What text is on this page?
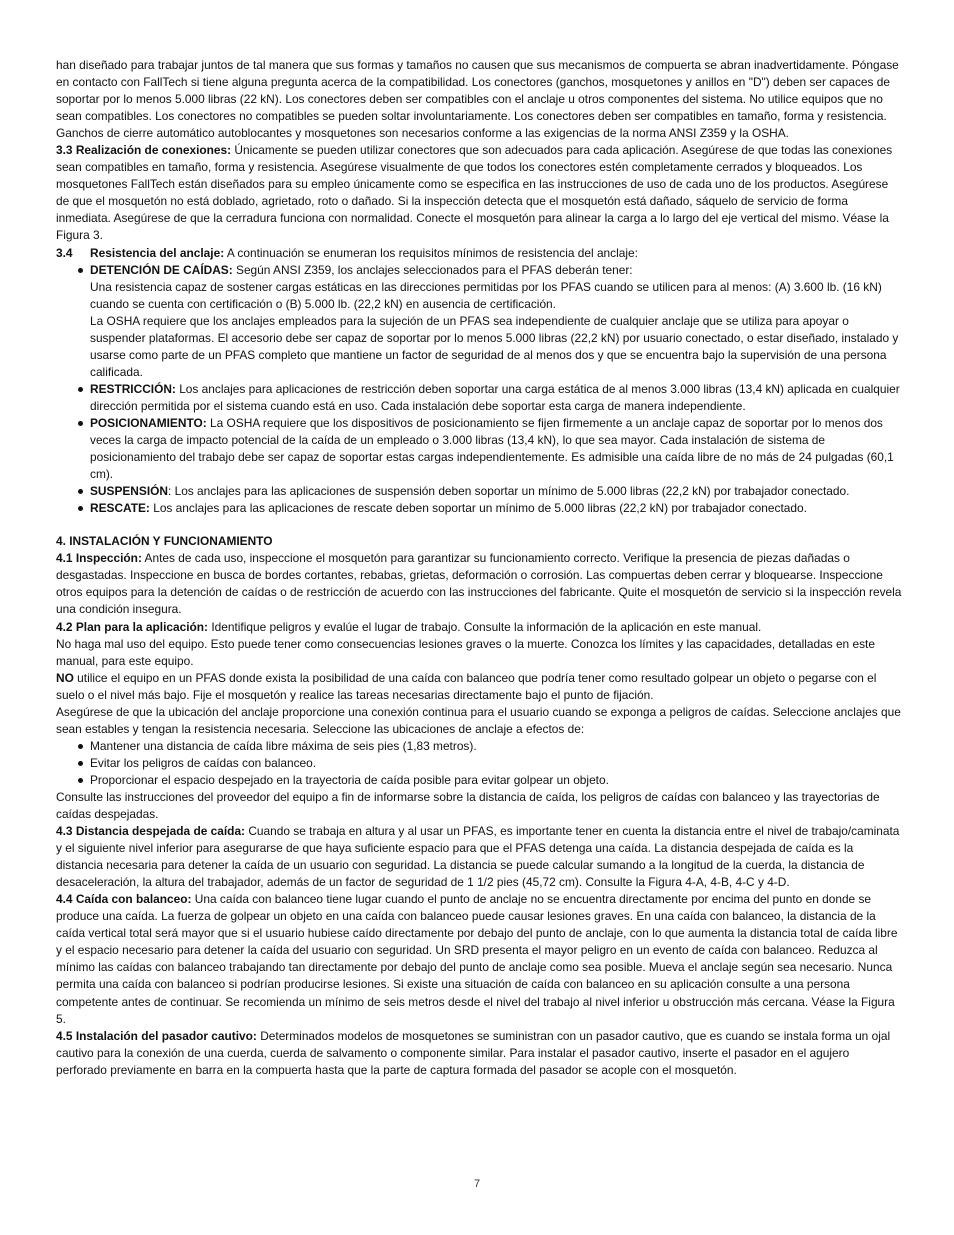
han diseñado para trabajar juntos de tal manera que sus formas y tamaños no causen que sus mecanismos de compuerta se abran inadvertidamente. Póngase en contacto con FallTech si tiene alguna pregunta acerca de la compatibilidad. Los conectores (ganchos, mosquetones y anillos en "D") deben ser capaces de soportar por lo menos 5.000 libras (22 kN). Los conectores deben ser compatibles con el anclaje u otros componentes del sistema. No utilice equipos que no sean compatibles. Los conectores no compatibles se pueden soltar involuntariamente. Los conectores deben ser compatibles en tamaño, forma y resistencia. Ganchos de cierre automático autoblocantes y mosquetones son necesarios conforme a las exigencias de la norma ANSI Z359 y la OSHA.

3.3 Realización de conexiones: Únicamente se pueden utilizar conectores que son adecuados para cada aplicación. Asegúrese de que todas las conexiones sean compatibles en tamaño, forma y resistencia. Asegúrese visualmente de que todos los conectores estén completamente cerrados y bloqueados. Los mosquetones FallTech están diseñados para su empleo únicamente como se especifica en las instrucciones de uso de cada uno de los productos. Asegúrese de que el mosquetón no está doblado, agrietado, roto o dañado. Si la inspección detecta que el mosquetón está dañado, sáquelo de servicio de forma inmediata. Asegúrese de que la cerradura funciona con normalidad. Conecte el mosquetón para alinear la carga a lo largo del eje vertical del mismo. Véase la Figura 3.

3.4 Resistencia del anclaje: A continuación se enumeran los requisitos mínimos de resistencia del anclaje:

DETENCIÓN DE CAÍDAS: Según ANSI Z359, los anclajes seleccionados para el PFAS deberán tener:
Una resistencia capaz de sostener cargas estáticas en las direcciones permitidas por los PFAS cuando se utilicen para al menos: (A) 3.600 lb. (16 kN) cuando se cuenta con certificación o (B) 5.000 lb. (22,2 kN) en ausencia de certificación.
La OSHA requiere que los anclajes empleados para la sujeción de un PFAS sea independiente de cualquier anclaje que se utiliza para apoyar o suspender plataformas. El accesorio debe ser capaz de soportar por lo menos 5.000 libras (22,2 kN) por usuario conectado, o estar diseñado, instalado y usarse como parte de un PFAS completo que mantiene un factor de seguridad de al menos dos y que se encuentra bajo la supervisión de una persona calificada.
RESTRICCIÓN: Los anclajes para aplicaciones de restricción deben soportar una carga estática de al menos 3.000 libras (13,4 kN) aplicada en cualquier dirección permitida por el sistema cuando está en uso. Cada instalación debe soportar esta carga de manera independiente.
POSICIONAMIENTO: La OSHA requiere que los dispositivos de posicionamiento se fijen firmemente a un anclaje capaz de soportar por lo menos dos veces la carga de impacto potencial de la caída de un empleado o 3.000 libras (13,4 kN), lo que sea mayor. Cada instalación de sistema de posicionamiento del trabajo debe ser capaz de soportar estas cargas independientemente. Es admisible una caída libre de no más de 24 pulgadas (60,1 cm).
SUSPENSIÓN: Los anclajes para las aplicaciones de suspensión deben soportar un mínimo de 5.000 libras (22,2 kN) por trabajador conectado.
RESCATE: Los anclajes para las aplicaciones de rescate deben soportar un mínimo de 5.000 libras (22,2 kN) por trabajador conectado.

4. INSTALACIÓN Y FUNCIONAMIENTO

4.1 Inspección: Antes de cada uso, inspeccione el mosquetón para garantizar su funcionamiento correcto. Verifique la presencia de piezas dañadas o desgastadas. Inspeccione en busca de bordes cortantes, rebabas, grietas, deformación o corrosión. Las compuertas deben cerrar y bloquearse. Inspeccione otros equipos para la detención de caídas o de restricción de acuerdo con las instrucciones del fabricante. Quite el mosquetón de servicio si la inspección revela una condición insegura.

4.2 Plan para la aplicación: Identifique peligros y evalúe el lugar de trabajo. Consulte la información de la aplicación en este manual.

No haga mal uso del equipo. Esto puede tener como consecuencias lesiones graves o la muerte. Conozca los límites y las capacidades, detalladas en este manual, para este equipo.

NO utilice el equipo en un PFAS donde exista la posibilidad de una caída con balanceo que podría tener como resultado golpear un objeto o pegarse con el suelo o el nivel más bajo. Fije el mosquetón y realice las tareas necesarias directamente bajo el punto de fijación.

Asegúrese de que la ubicación del anclaje proporcione una conexión continua para el usuario cuando se exponga a peligros de caídas. Seleccione anclajes que sean estables y tengan la resistencia necesaria. Seleccione las ubicaciones de anclaje a efectos de:

Mantener una distancia de caída libre máxima de seis pies (1,83 metros).
Evitar los peligros de caídas con balanceo.
Proporcionar el espacio despejado en la trayectoria de caída posible para evitar golpear un objeto.

Consulte las instrucciones del proveedor del equipo a fin de informarse sobre la distancia de caída, los peligros de caídas con balanceo y las trayectorias de caídas despejadas.

4.3 Distancia despejada de caída: Cuando se trabaja en altura y al usar un PFAS, es importante tener en cuenta la distancia entre el nivel de trabajo/caminata y el siguiente nivel inferior para asegurarse de que haya suficiente espacio para que el PFAS detenga una caída. La distancia despejada de caída es la distancia necesaria para detener la caída de un usuario con seguridad. La distancia se puede calcular sumando a la longitud de la cuerda, la distancia de desaceleración, la altura del trabajador, además de un factor de seguridad de 1 1/2 pies (45,72 cm). Consulte la Figura 4-A, 4-B, 4-C y 4-D.

4.4 Caída con balanceo: Una caída con balanceo tiene lugar cuando el punto de anclaje no se encuentra directamente por encima del punto en donde se produce una caída. La fuerza de golpear un objeto en una caída con balanceo puede causar lesiones graves. En una caída con balanceo, la distancia de la caída vertical total será mayor que si el usuario hubiese caído directamente por debajo del punto de anclaje, con lo que aumenta la distancia total de caída libre y el espacio necesario para detener la caída del usuario con seguridad. Un SRD presenta el mayor peligro en un evento de caída con balanceo. Reduzca al mínimo las caídas con balanceo trabajando tan directamente por debajo del punto de anclaje como sea posible. Mueva el anclaje según sea necesario. Nunca permita una caída con balanceo si podrían producirse lesiones. Si existe una situación de caída con balanceo en su aplicación consulte a una persona competente antes de continuar. Se recomienda un mínimo de seis metros desde el nivel del trabajo al nivel inferior u obstrucción más cercana. Véase la Figura 5.

4.5 Instalación del pasador cautivo: Determinados modelos de mosquetones se suministran con un pasador cautivo, que es cuando se instala forma un ojal cautivo para la conexión de una cuerda, cuerda de salvamento o componente similar. Para instalar el pasador cautivo, inserte el pasador en el agujero perforado previamente en barra en la compuerta hasta que la parte de captura formada del pasador se acople con el mosquetón.

7
